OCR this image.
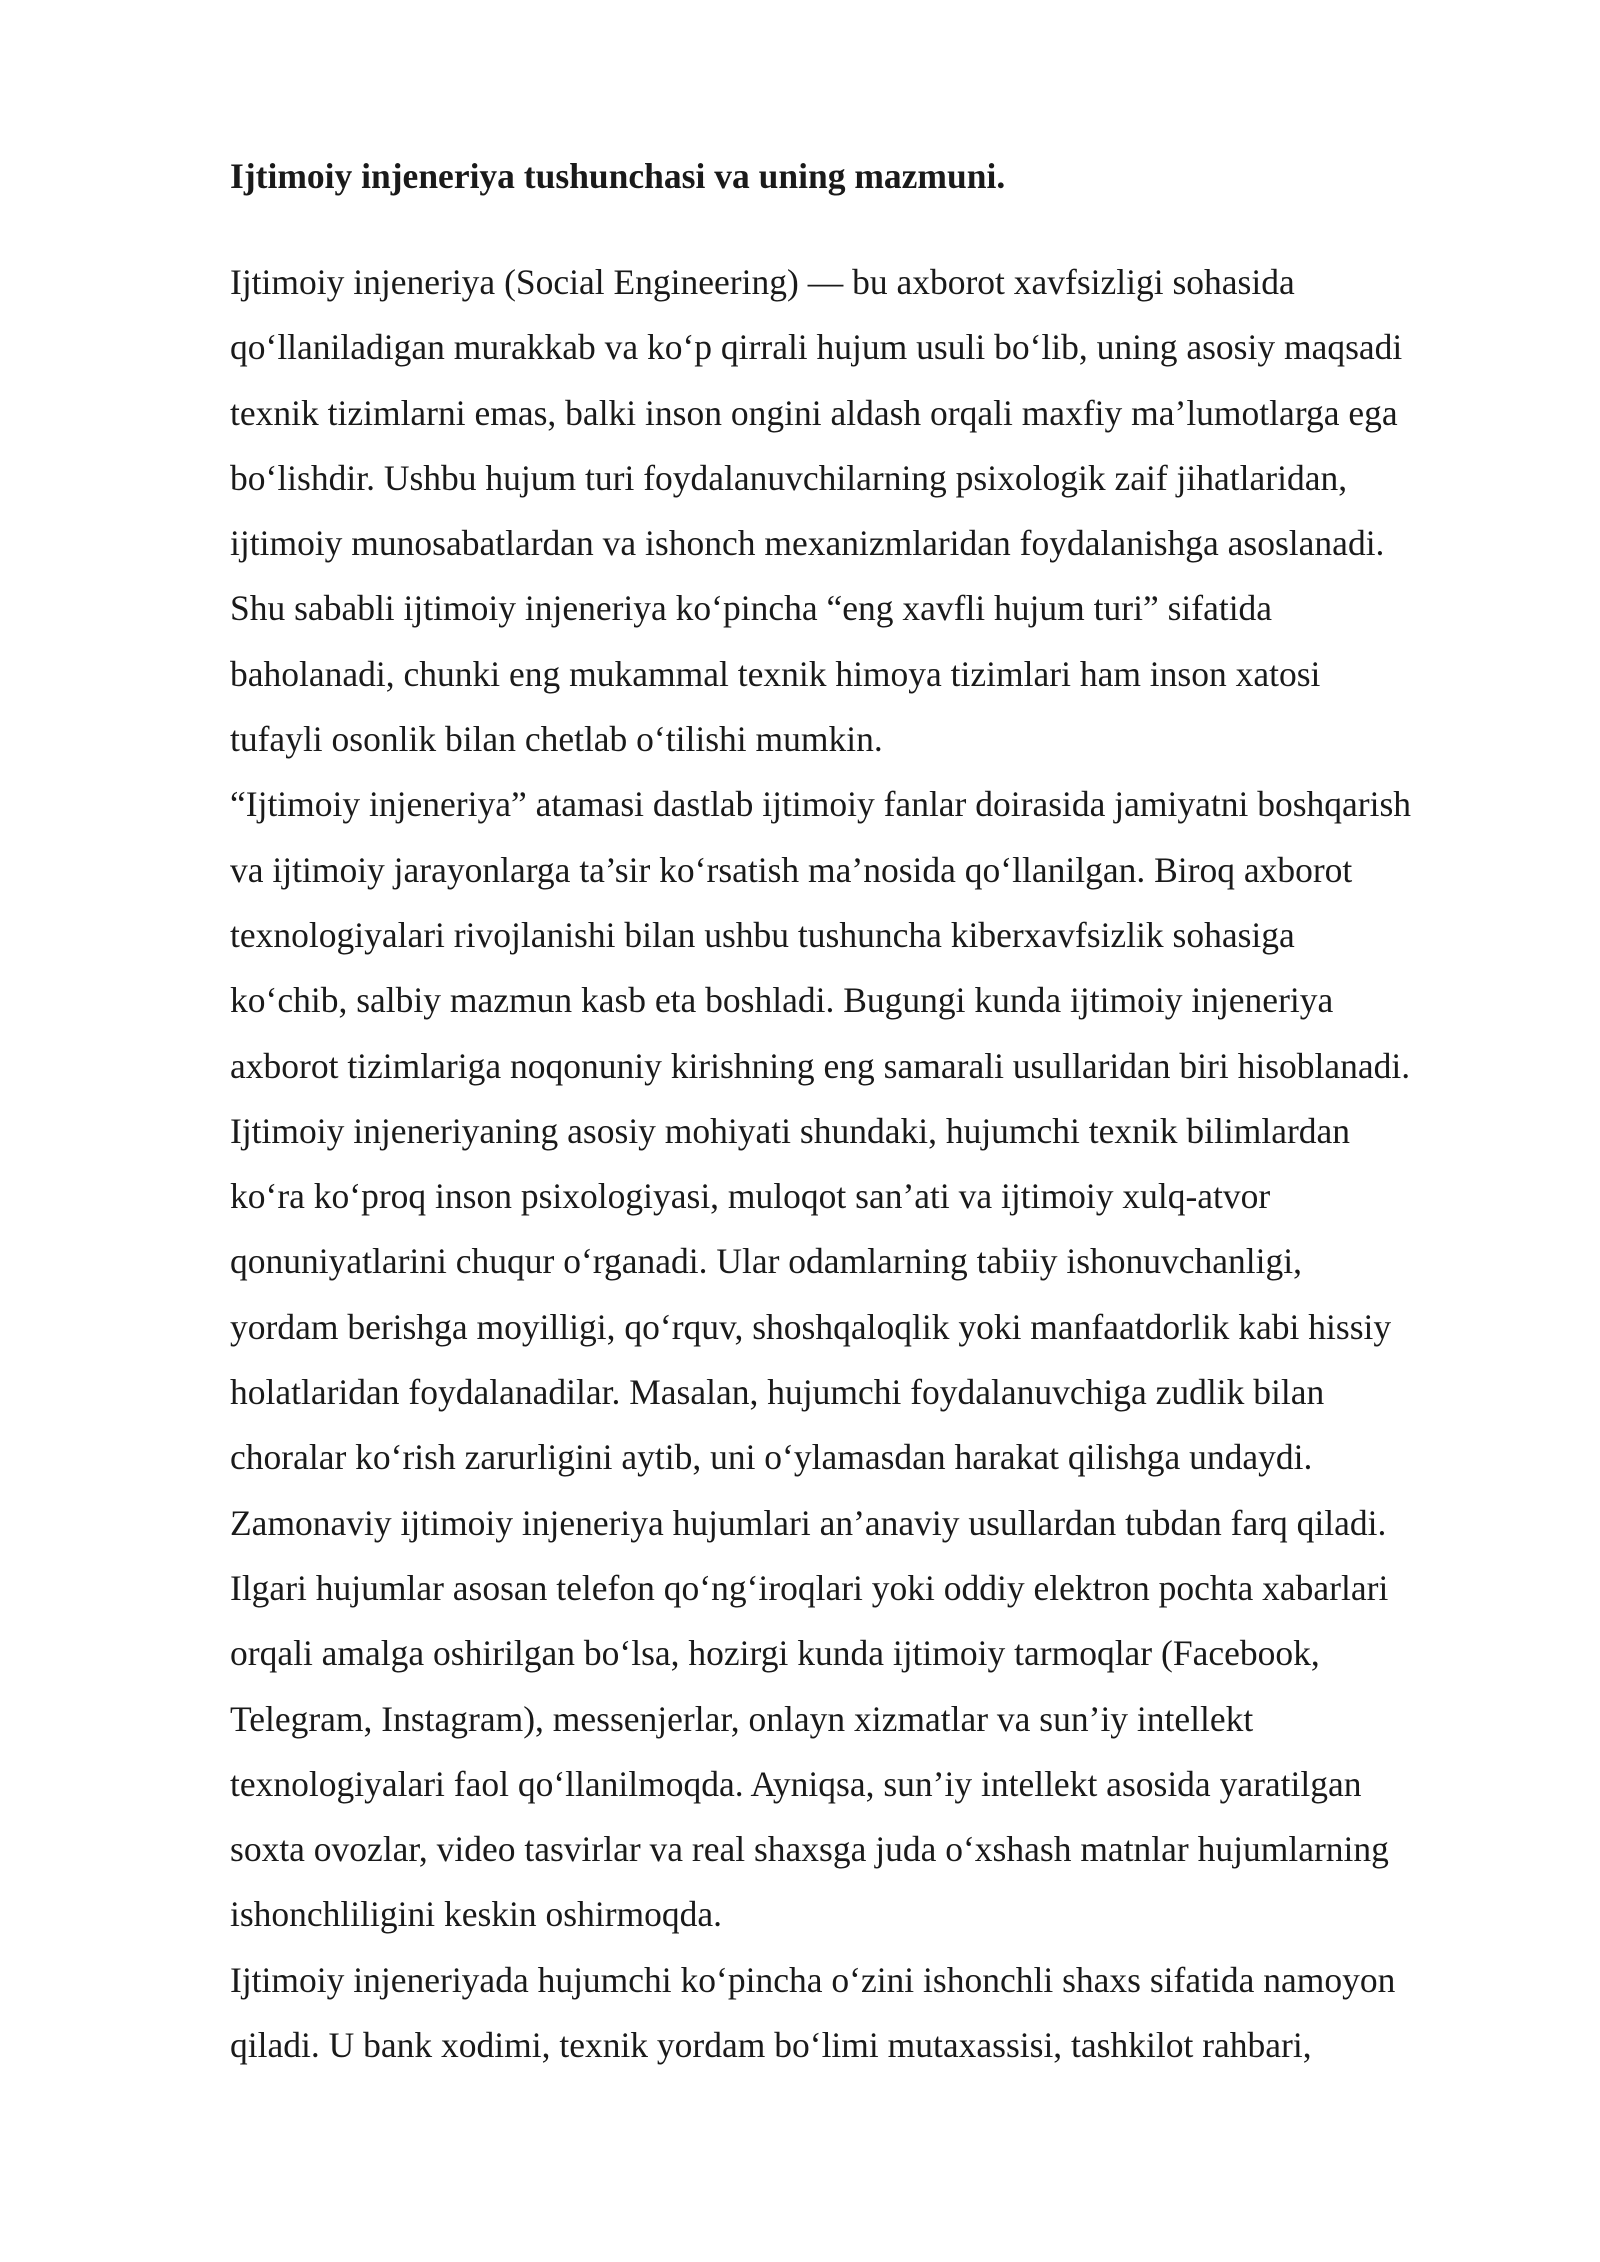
Ijtimoiy injeneriya tushunchasi va uning mazmuni.
Ijtimoiy injeneriya (Social Engineering) — bu axborot xavfsizligi sohasida
qo‘llaniladigan murakkab va ko‘p qirrali hujum usuli bo‘lib, uning asosiy maqsadi
texnik tizimlarni emas, balki inson ongini aldash orqali maxfiy ma’lumotlarga ega
bo‘lishdir. Ushbu hujum turi foydalanuvchilarning psixologik zaif jihatlaridan,
ijtimoiy munosabatlardan va ishonch mexanizmlaridan foydalanishga asoslanadi.
Shu sababli ijtimoiy injeneriya ko‘pincha “eng xavfli hujum turi” sifatida
baholanadi, chunki eng mukammal texnik himoya tizimlari ham inson xatosi
tufayli osonlik bilan chetlab o‘tilishi mumkin.
“Ijtimoiy injeneriya” atamasi dastlab ijtimoiy fanlar doirasida jamiyatni boshqarish
va ijtimoiy jarayonlarga ta’sir ko‘rsatish ma’nosida qo‘llanilgan. Biroq axborot
texnologiyalari rivojlanishi bilan ushbu tushuncha kiberxavfsizlik sohasiga
ko‘chib, salbiy mazmun kasb eta boshladi. Bugungi kunda ijtimoiy injeneriya
axborot tizimlariga noqonuniy kirishning eng samarali usullaridan biri hisoblanadi.
Ijtimoiy injeneriyaning asosiy mohiyati shundaki, hujumchi texnik bilimlardan
ko‘ra ko‘proq inson psixologiyasi, muloqot san’ati va ijtimoiy xulq-atvor
qonuniyatlarini chuqur o‘rganadi. Ular odamlarning tabiiy ishonuvchanligi,
yordam berishga moyilligi, qo‘rquv, shoshqaloqlik yoki manfaatdorlik kabi hissiy
holatlaridan foydalanadilar. Masalan, hujumchi foydalanuvchiga zudlik bilan
choralar ko‘rish zarurligini aytib, uni o‘ylamasdan harakat qilishga undaydi.
Zamonaviy ijtimoiy injeneriya hujumlari an’anaviy usullardan tubdan farq qiladi.
Ilgari hujumlar asosan telefon qo‘ng‘iroqlari yoki oddiy elektron pochta xabarlari
orqali amalga oshirilgan bo‘lsa, hozirgi kunda ijtimoiy tarmoqlar (Facebook,
Telegram, Instagram), messenjerlar, onlayn xizmatlar va sun’iy intellekt
texnologiyalari faol qo‘llanilmoqda. Ayniqsa, sun’iy intellekt asosida yaratilgan
soxta ovozlar, video tasvirlar va real shaxsga juda o‘xshash matnlar hujumlarning
ishonchliligini keskin oshirmoqda.
Ijtimoiy injeneriyada hujumchi ko‘pincha o‘zini ishonchli shaxs sifatida namoyon
qiladi. U bank xodimi, texnik yordam bo‘limi mutaxassisi, tashkilot rahbari,
